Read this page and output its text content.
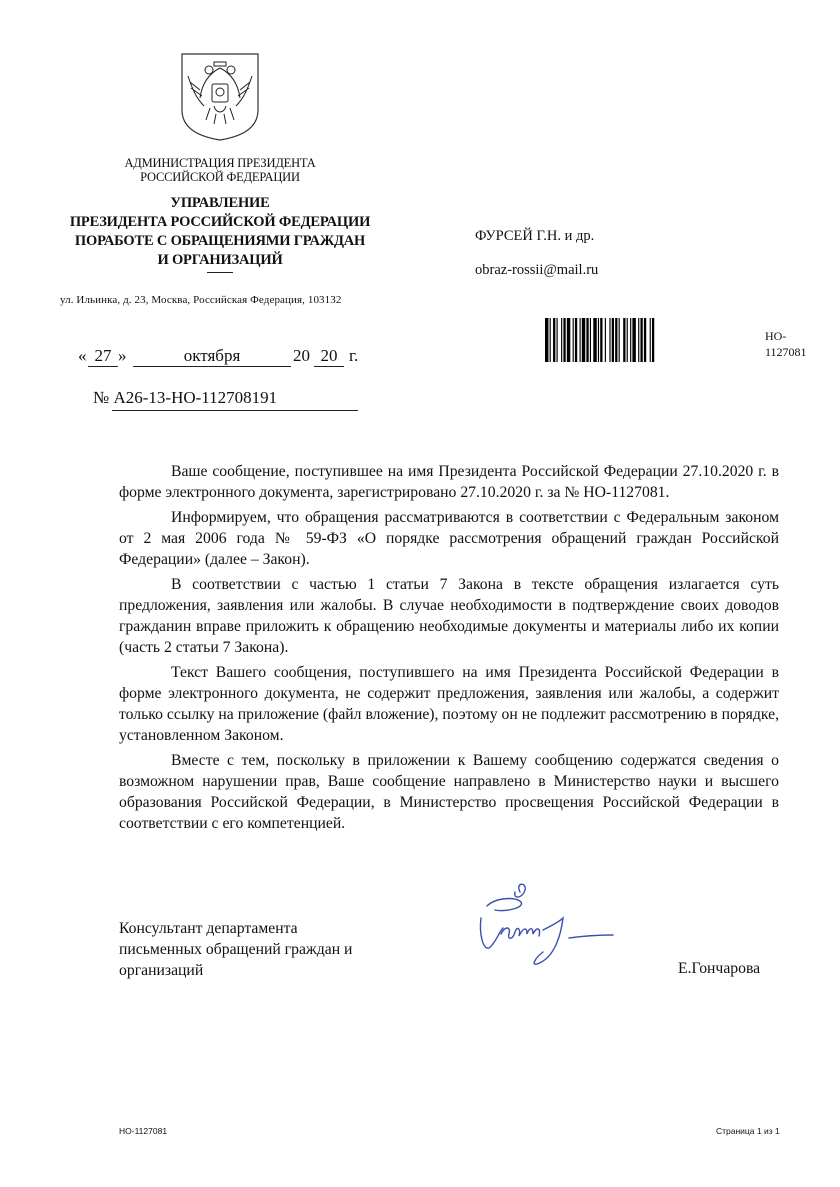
АДМИНИСТРАЦИЯ ПРЕЗИДЕНТА
РОССИЙСКОЙ ФЕДЕРАЦИИ
УПРАВЛЕНИЕ
ПРЕЗИДЕНТА РОССИЙСКОЙ ФЕДЕРАЦИИ
ПОРАБОТЕ С ОБРАЩЕНИЯМИ ГРАЖДАН
И ОРГАНИЗАЦИЙ
ул. Ильинка, д. 23, Москва, Российская Федерация, 103132
ФУРСЕЙ Г.Н. и др.
obraz-rossii@mail.ru
НО-
1127081
« 27 »	октября	20 20 г.
№ А26-13-НО-112708191

Ваше сообщение, поступившее на имя Президента Российской Федерации 27.10.2020 г. в форме электронного документа, зарегистрировано 27.10.2020 г. за № НО-1127081.

Информируем, что обращения рассматриваются в соответствии с Федеральным законом от 2 мая 2006 года № 59-ФЗ «О порядке рассмотрения обращений граждан Российской Федерации» (далее – Закон).

В соответствии с частью 1 статьи 7 Закона в тексте обращения излагается суть предложения, заявления или жалобы. В случае необходимости в подтверждение своих доводов гражданин вправе приложить к обращению необходимые документы и материалы либо их копии (часть 2 статьи 7 Закона).

Текст Вашего сообщения, поступившего на имя Президента Российской Федерации в форме электронного документа, не содержит предложения, заявления или жалобы, а содержит только ссылку на приложение (файл вложение), поэтому он не подлежит рассмотрению в порядке, установленном Законом.

Вместе с тем, поскольку в приложении к Вашему сообщению содержатся сведения о возможном нарушении прав, Ваше сообщение направлено в Министерство науки и высшего образования Российской Федерации, в Министерство просвещения Российской Федерации в соответствии с его компетенцией.

Консультант департамента
письменных обращений граждан и
организаций	Е.Гончарова
НО-1127081	Страница 1 из 1
